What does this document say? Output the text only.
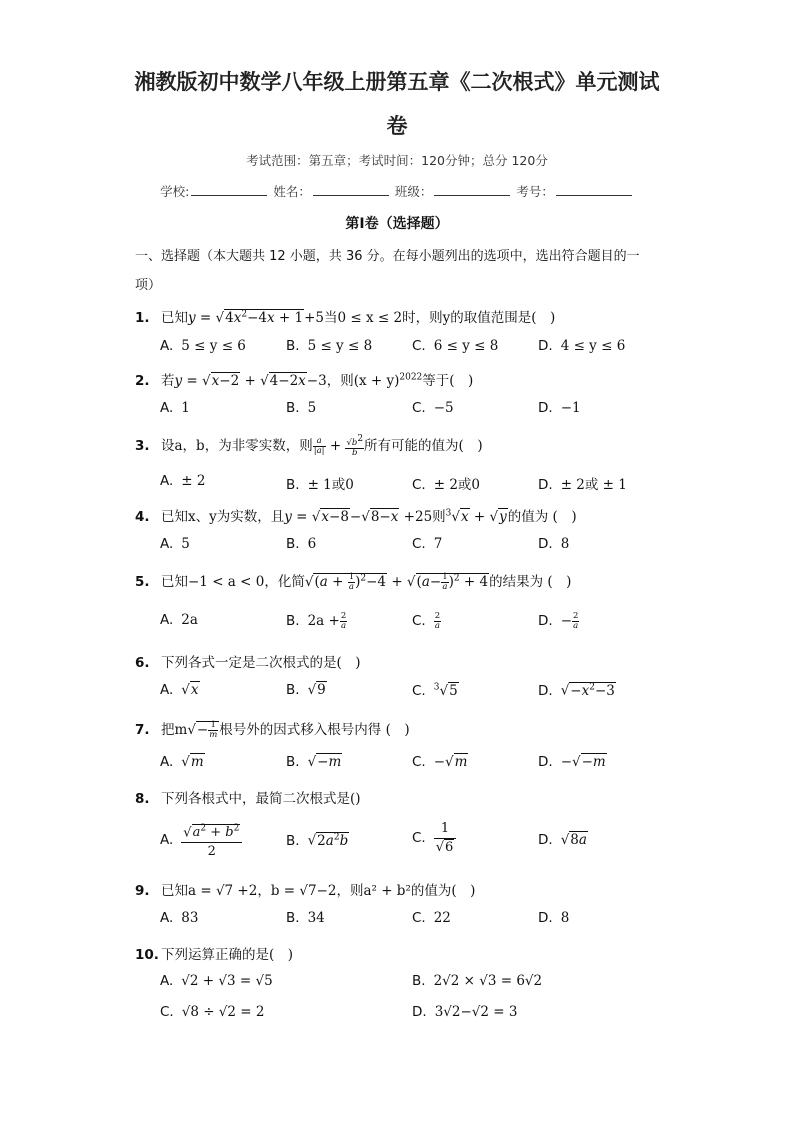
湘教版初中数学八年级上册第五章《二次根式》单元测试
卷
考试范围：第五章；考试时间：120分钟；总分 120分
学校:	姓名：	班级：	考号：
第I卷（选择题）
一、选择题（本大题共 12 小题，共 36 分。在每小题列出的选项中，选出符合题目的一
项）
1. 已知$y = √4x^2-4x + 1+5$当0 ≤ x ≤ 2时，则y的取值范围是(　)
A. 5 ≤ y ≤ 6	B. 5 ≤ y ≤ 8	C. 6 ≤ y ≤ 8	D. 4 ≤ y ≤ 6
2. 若y = √x−2 + √4−2x−3，则$(x + y)^{2022}$等于(　)
A. 1	B. 5	C. −5	D. −1
3. 设a，b，为非零实数，则 $\frac{a}{|a|} + \frac{√b^2}{b}$ 所有可能的值为(　)
A. ± 2	B. ± 1或0	C. ± 2或0	D. ± 2或 ± 1
4. 已知x、y为实数，且y = √x−8−√8−x +25则$^3$√x + √y的值为 (　)
A. 5	B. 6	C. 7	D. 8
5. 已知−1 < a < 0，化简$√(a + \frac{1}{a} )^2-4 + √(a- \frac{1}{a} )^2 + 4$的结果为 (　)
A. 2a	B. $2a + \frac{2}{a}$	C. $\frac{2}{a}$	D. − $\frac{2}{a}$
6. 下列各式一定是二次根式的是(　)
A. √x	B. √9	C. $^3$√5	D. $√-x^2-3$
7. 把$m√- \frac{1}{m}$ 根号外的因式移入根号内得 (　)
A. √m	B. √−m	C. −√m	D. −√−m
8. 下列各根式中，最简二次根式是()
A. $\frac{√a^2 + b^2}{2}$	B. $√2a^2b$	C. $\frac{1}{√6}$	D. √8a
9. 已知a = √7 +2，b = √7−2，则a² + b²的值为(　)
A. 83	B. 34	C. 22	D. 8
10. 下列运算正确的是(　)
A. √2 + √3 = √5	B. 2√2 × √3 = 6√2
C. √8 ÷ √2 = 2	D. 3√2−√2 = 3
